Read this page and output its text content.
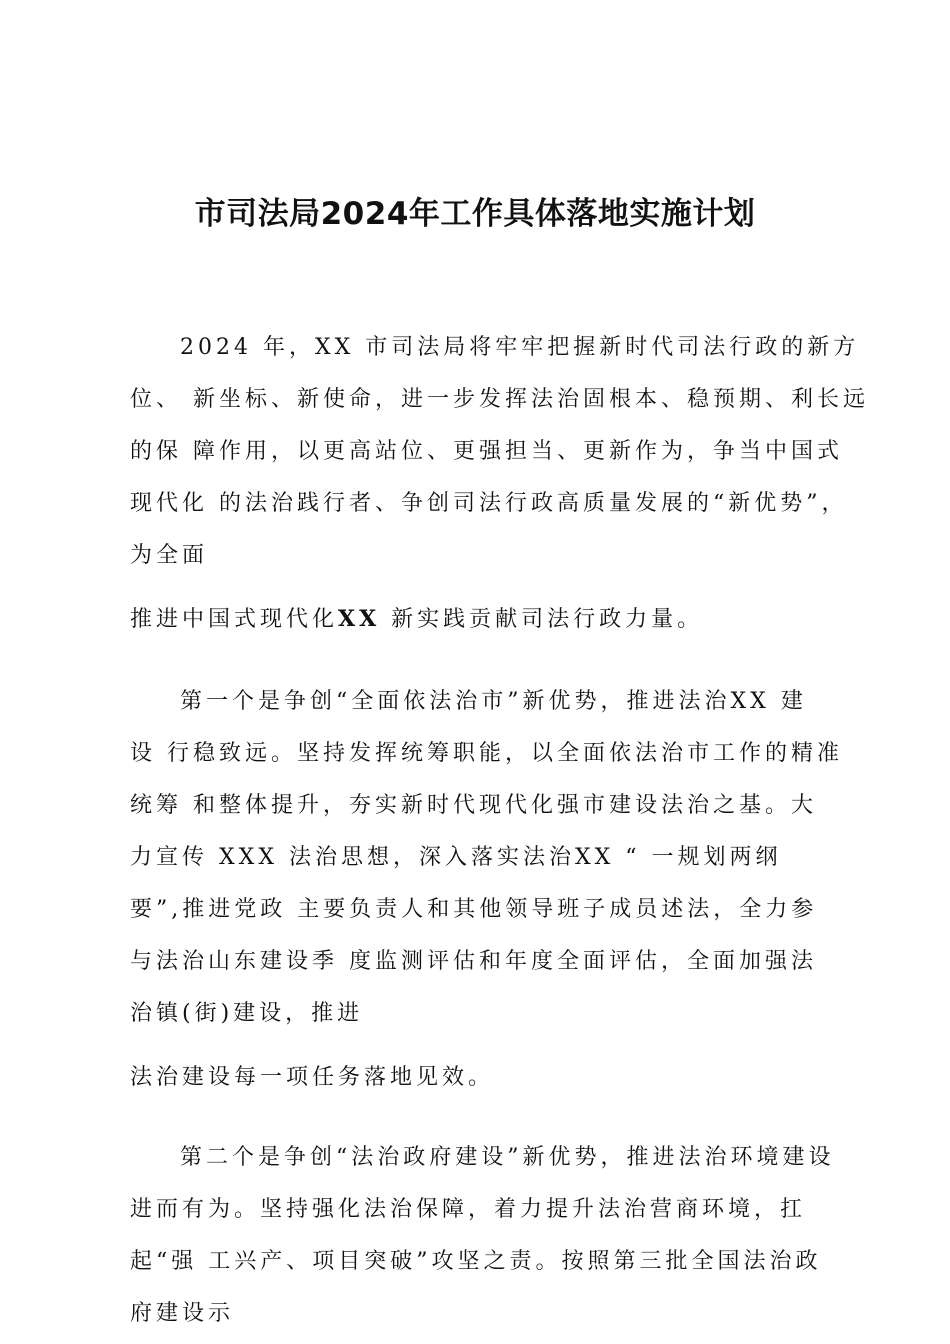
市司法局2024年工作具体落地实施计划
2024 年，XX 市司法局将牢牢把握新时代司法行政的新方
位、 新坐标、新使命，进一步发挥法治固根本、稳预期、利长远
的保 障作用，以更高站位、更强担当、更新作为，争当中国式
现代化 的法治践行者、争创司法行政高质量发展的“新优势”，
为全面
推进中国式现代化XX 新实践贡献司法行政力量。
第一个是争创“全面依法治市”新优势，推进法治XX 建
设 行稳致远。坚持发挥统筹职能，以全面依法治市工作的精准
统筹 和整体提升，夯实新时代现代化强市建设法治之基。大
力宣传 XXX 法治思想，深入落实法治XX “ 一规划两纲
要”,推进党政 主要负责人和其他领导班子成员述法，全力参
与法治山东建设季 度监测评估和年度全面评估，全面加强法
治镇(街)建设，推进
法治建设每一项任务落地见效。
第二个是争创“法治政府建设”新优势，推进法治环境建设
进而有为。坚持强化法治保障，着力提升法治营商环境，扛
起“强 工兴产、项目突破”攻坚之责。按照第三批全国法治政
府建设示
